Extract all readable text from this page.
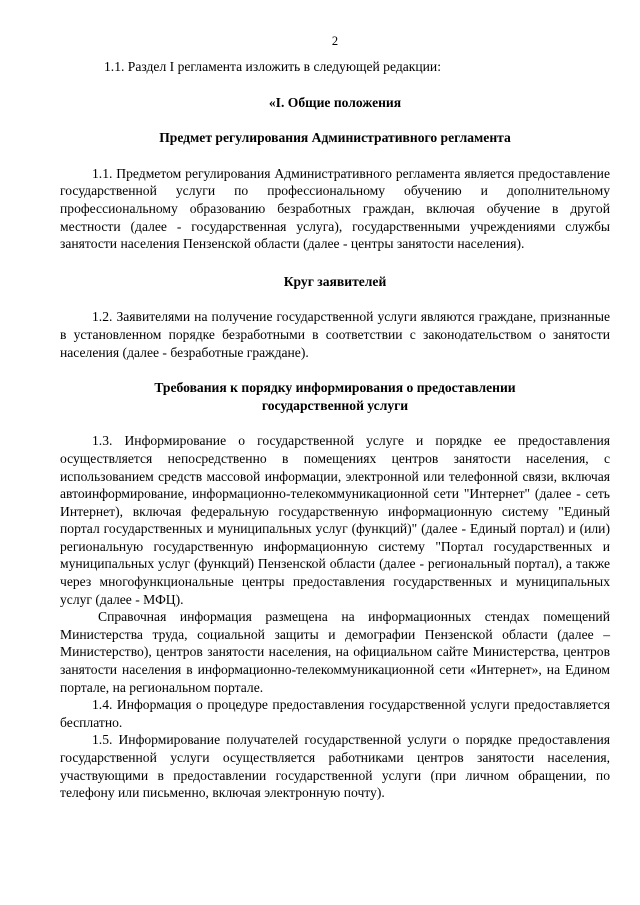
2

1.1. Раздел I регламента изложить в следующей редакции:

«I. Общие положения

Предмет регулирования Административного регламента

1.1. Предметом регулирования Административного регламента является предоставление государственной услуги по профессиональному обучению и дополнительному профессиональному образованию безработных граждан, включая обучение в другой местности (далее - государственная услуга), государственными учреждениями службы занятости населения Пензенской области (далее - центры занятости населения).

Круг заявителей

1.2. Заявителями на получение государственной услуги являются граждане, признанные в установленном порядке безработными в соответствии с законодательством о занятости населения (далее - безработные граждане).

Требования к порядку информирования о предоставлении
государственной услуги

1.3. Информирование о государственной услуге и порядке ее предоставления осуществляется непосредственно в помещениях центров занятости населения, с использованием средств массовой информации, электронной или телефонной связи, включая автоинформирование, информационно-телекоммуникационной сети "Интернет" (далее - сеть Интернет), включая федеральную государственную информационную систему "Единый портал государственных и муниципальных услуг (функций)" (далее - Единый портал) и (или) региональную государственную информационную систему "Портал государственных и муниципальных услуг (функций) Пензенской области (далее - региональный портал), а также через многофункциональные центры предоставления государственных и муниципальных услуг (далее - МФЦ).

Справочная информация размещена на информационных стендах помещений Министерства труда, социальной защиты и демографии Пензенской области (далее – Министерство), центров занятости населения, на официальном сайте Министерства, центров занятости населения в информационно-телекоммуникационной сети «Интернет», на Едином портале, на региональном портале.

1.4. Информация о процедуре предоставления государственной услуги предоставляется бесплатно.

1.5. Информирование получателей государственной услуги о порядке предоставления государственной услуги осуществляется работниками центров занятости населения, участвующими в предоставлении государственной услуги (при личном обращении, по телефону или письменно, включая электронную почту).
